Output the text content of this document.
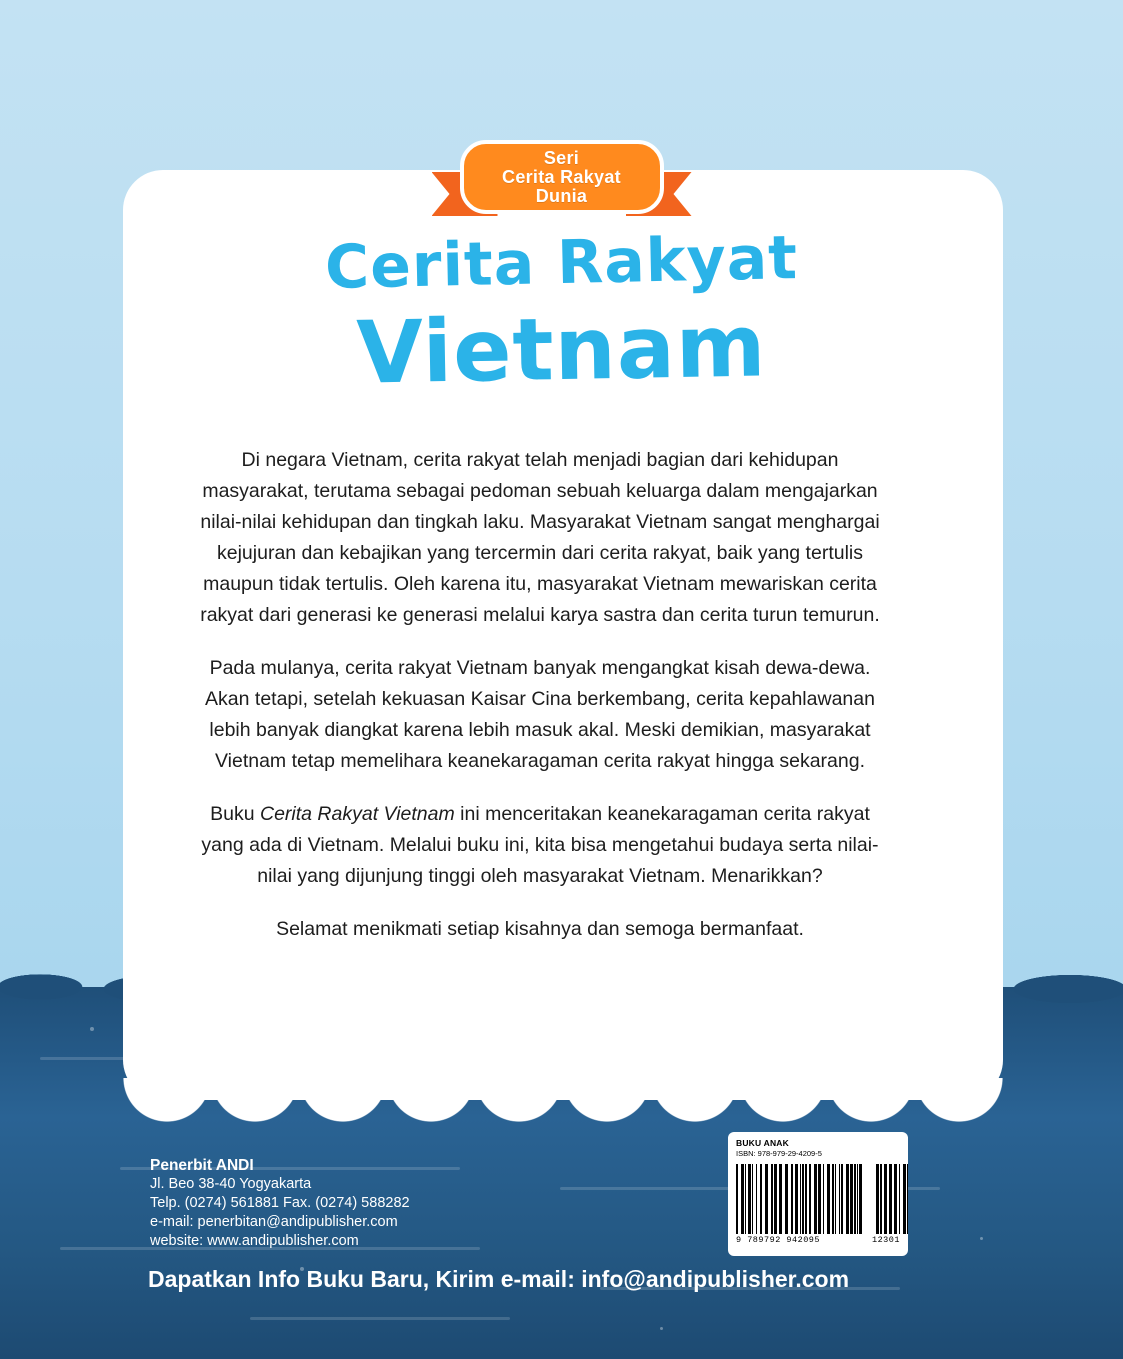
Seri
Cerita Rakyat
Dunia
Cerita Rakyat
Vietnam

Di negara Vietnam, cerita rakyat telah menjadi bagian dari kehidupan masyarakat, terutama sebagai pedoman sebuah keluarga dalam mengajarkan nilai-nilai kehidupan dan tingkah laku. Masyarakat Vietnam sangat menghargai kejujuran dan kebajikan yang tercermin dari cerita rakyat, baik yang tertulis maupun tidak tertulis. Oleh karena itu, masyarakat Vietnam mewariskan cerita rakyat dari generasi ke generasi melalui karya sastra dan cerita turun temurun.

Pada mulanya, cerita rakyat Vietnam banyak mengangkat kisah dewa-dewa. Akan tetapi, setelah kekuasan Kaisar Cina berkembang, cerita kepahlawanan lebih banyak diangkat karena lebih masuk akal. Meski demikian, masyarakat Vietnam tetap memelihara keanekaragaman cerita rakyat hingga sekarang.

Buku Cerita Rakyat Vietnam ini menceritakan keanekaragaman cerita rakyat yang ada di Vietnam. Melalui buku ini, kita bisa mengetahui budaya serta nilai-nilai yang dijunjung tinggi oleh masyarakat Vietnam. Menarikkan?

Selamat menikmati setiap kisahnya dan semoga bermanfaat.

Penerbit ANDI
Jl. Beo 38-40 Yogyakarta
Telp. (0274) 561881 Fax. (0274) 588282
e-mail: penerbitan@andipublisher.com
website: www.andipublisher.com
Dapatkan Info Buku Baru, Kirim e-mail: info@andipublisher.com
BUKU ANAK
ISBN: 978-979-29-4209-5
9 789792 942095	12301
